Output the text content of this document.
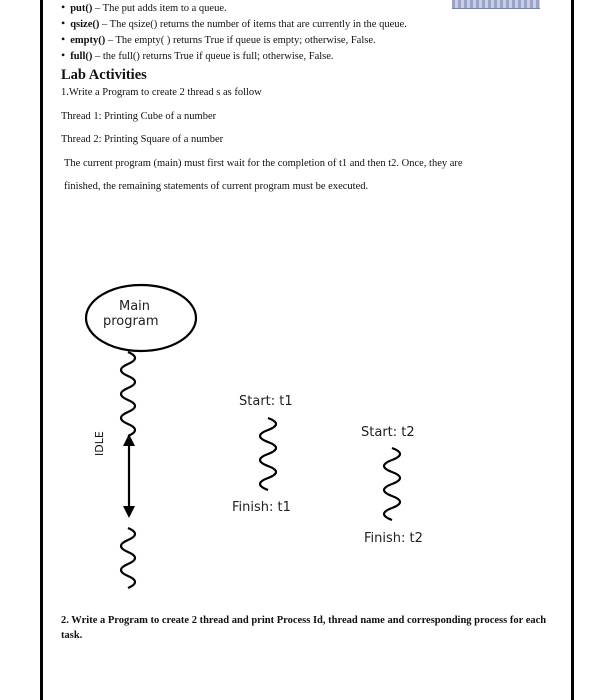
• put() – The put adds item to a queue.
• qsize() – The qsize() returns the number of items that are currently in the queue.
• empty() – The empty( ) returns True if queue is empty; otherwise, False.
• full() – the full() returns True if queue is full; otherwise, False.
Lab Activities
1.Write a Program to create 2 thread s as follow
Thread 1: Printing Cube of a number
Thread 2: Printing Square of a number
The current program (main) must first wait for the completion of t1 and then t2. Once, they are
finished, the remaining statements of current program must be executed.
Main
program
IDLE
Start: t1
Finish: t1
Start: t2
Finish: t2
2. Write a Program to create 2 thread and print Process Id, thread name and corresponding process for each task.
